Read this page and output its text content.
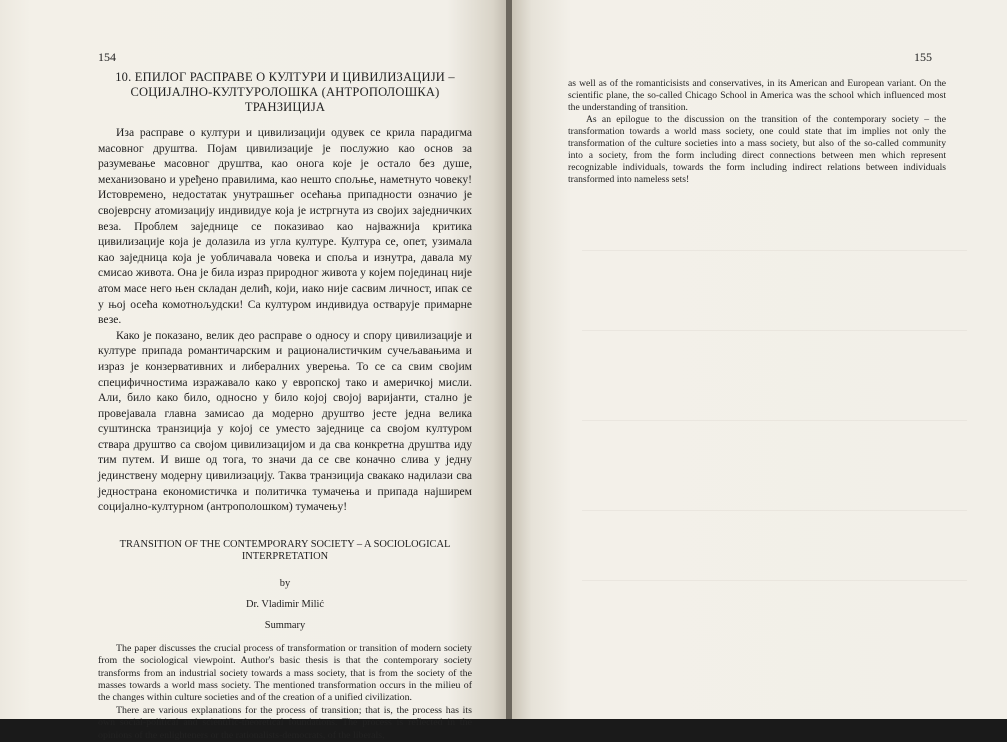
154

10. ЕПИЛОГ РАСПРАВЕ О КУЛТУРИ И ЦИВИЛИЗАЦИЈИ – СОЦИЈАЛНО-КУЛТУРОЛОШКА (АНТРОПОЛОШКА) ТРАНЗИЦИЈА

Иза расправе о култури и цивилизацији одувек се крила парадигма масовног друштва. Појам цивилизације је послужио као основ за разумевање масовног друштва, као онога које је остало без душе, механизовано и уређено правилима, као нешто спољње, наметнуто човеку! Истовремено, недостатак унутрашњег осећања припадности означио је својеврсну атомизацију индивидуе која је истргнута из својих заједничких веза. Проблем заједнице се показивао као најважнија критика цивилизације која је долазила из угла културе. Култура се, опет, узимала као заједница која је уобличавала човека и споља и изнутра, давала му смисао живота. Она је била израз природног живота у којем појединац није атом масе него њен складан делић, који, иако није сасвим личност, ипак се у њој осећа комотнољудски! Са културом индивидуа остварује примарне везе.

Како је показано, велик део расправе о односу и спору цивилизације и културе припада романтичарским и рационалистичким сучељавањима и израз је конзервативних и либералних уверења. То се са свим својим специфичностима изражавало како у европској тако и америчкој мисли. Али, било како било, односно у било којој својој варијанти, стално је провејавала главна замисао да модерно друштво јесте једна велика суштинска транзиција у којој се уместо заједнице са својом културом ствара друштво са својом цивилизацијом и да сва конкретна друштва иду тим путем. И више од тога, то значи да се све коначно слива у једну јединствену модерну цивилизацију. Таква транзиција свакако надилази сва једнострана економистичка и политичка тумачења и припада најширем социјално-културном (антрополошком) тумачењу!

TRANSITION OF THE CONTEMPORARY SOCIETY – A SOCIOLOGICAL INTERPRETATION

by

Dr. Vladimir Milić

Summary

The paper discusses the crucial process of transformation or transition of modern society from the sociological viewpoint. Author's basic thesis is that the contemporary society transforms from an industrial society towards a mass society, that is from the society of the masses towards a world mass society. The mentioned transformation occurs in the milieu of the changes within culture societies and of the creation of a unified civilization.

There are various explanations for the process of transition; that is, the process has its own social-political and scientific-theoretical foundations. The process is reflected in the opinions of the enlighteners or the rationalists-democrats, of the liberals,

155

as well as of the romanticisists and conservatives, in its American and European variant. On the scientific plane, the so-called Chicago School in America was the school which influenced most the understanding of transition.

As an epilogue to the discussion on the transition of the contemporary society – the transformation towards a world mass society, one could state that im implies not only the transformation of the culture societies into a mass society, but also of the so-called community into a society, from the form including direct connections between men which represent recognizable individuals, towards the form including indirect relations between individuals transformed into nameless sets!
